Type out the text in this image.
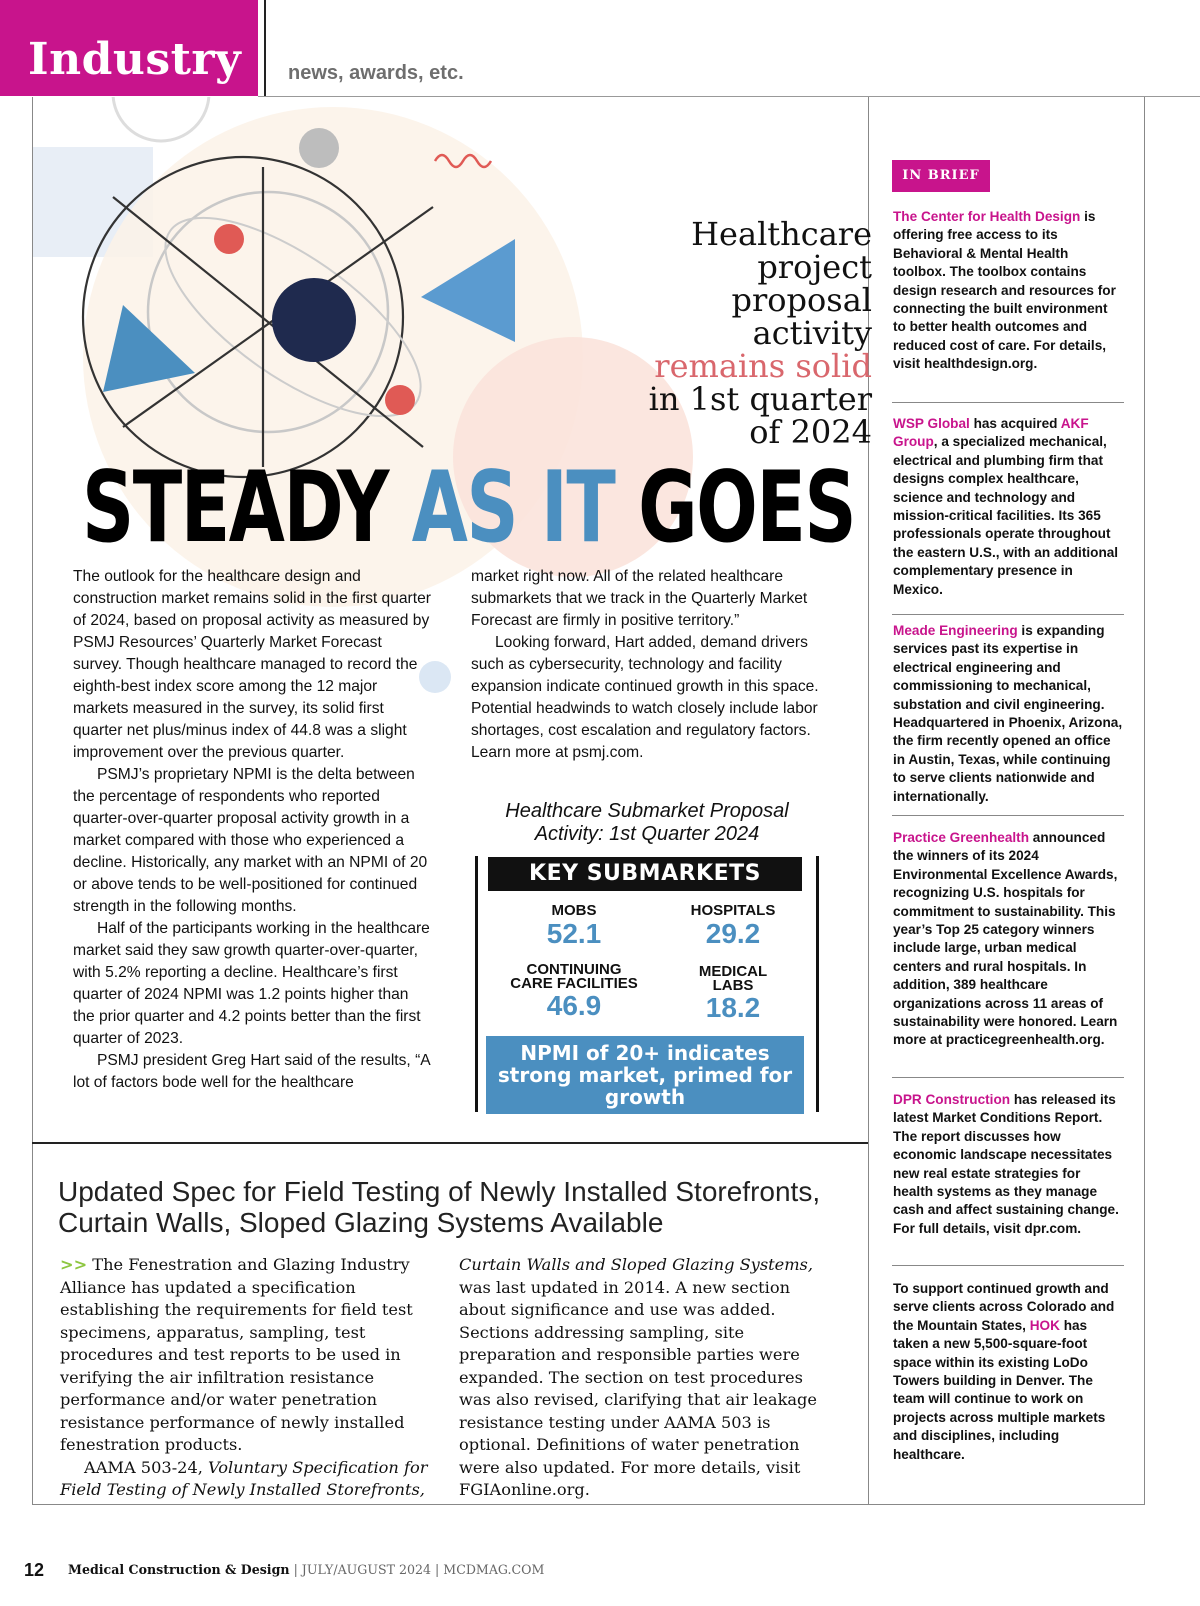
Industry news, awards, etc.
Healthcare
project
proposal
activity
remains solid
in 1st quarter
of 2024
STEADY AS IT GOES

The outlook for the healthcare design and construction market remains solid in the first quarter of 2024, based on proposal activity as measured by PSMJ Resources’ Quarterly Market Forecast survey. Though healthcare managed to record the eighth-best index score among the 12 major markets measured in the survey, its solid first quarter net plus/minus index of 44.8 was a slight improvement over the previous quarter.

PSMJ’s proprietary NPMI is the delta between the percentage of respondents who reported quarter-over-quarter proposal activity growth in a market compared with those who experienced a decline. Historically, any market with an NPMI of 20 or above tends to be well-positioned for continued strength in the following months.

Half of the participants working in the healthcare market said they saw growth quarter-over-quarter, with 5.2% reporting a decline. Healthcare’s first quarter of 2024 NPMI was 1.2 points higher than the prior quarter and 4.2 points better than the first quarter of 2023.

PSMJ president Greg Hart said of the results, “A lot of factors bode well for the healthcare

market right now. All of the related healthcare submarkets that we track in the Quarterly Market Forecast are firmly in positive territory.”

Looking forward, Hart added, demand drivers such as cybersecurity, technology and facility expansion indicate continued growth in this space. Potential headwinds to watch closely include labor shortages, cost escalation and regulatory factors. Learn more at psmj.com.

Healthcare Submarket Proposal Activity: 1st Quarter 2024
KEY SUBMARKETS
MOBS
52.1
HOSPITALS
29.2
CONTINUING
CARE FACILITIES
46.9
MEDICAL
LABS
18.2
NPMI of 20+ indicates strong market, primed for growth
Updated Spec for Field Testing of Newly Installed Storefronts, Curtain Walls, Sloped Glazing Systems Available

>> The Fenestration and Glazing Industry Alliance has updated a specification establishing the requirements for field test specimens, apparatus, sampling, test procedures and test reports to be used in verifying the air infiltration resistance performance and/or water penetration resistance performance of newly installed fenestration products.

AAMA 503-24, Voluntary Specification for Field Testing of Newly Installed Storefronts,

Curtain Walls and Sloped Glazing Systems, was last updated in 2014. A new section about significance and use was added. Sections addressing sampling, site preparation and responsible parties were expanded. The section on test procedures was also revised, clarifying that air leakage resistance testing under AAMA 503 is optional. Definitions of water penetration were also updated. For more details, visit FGIAonline.org.

IN BRIEF
The Center for Health Design is offering free access to its Behavioral & Mental Health toolbox. The toolbox contains design research and resources for connecting the built environment to better health outcomes and reduced cost of care. For details, visit healthdesign.org.
WSP Global has acquired AKF Group, a specialized mechanical, electrical and plumbing firm that designs complex healthcare, science and technology and mission-critical facilities. Its 365 professionals operate throughout the eastern U.S., with an additional complementary presence in Mexico.
Meade Engineering is expanding services past its expertise in electrical engineering and commissioning to mechanical, substation and civil engineering. Headquartered in Phoenix, Arizona, the firm recently opened an office in Austin, Texas, while continuing to serve clients nationwide and internationally.
Practice Greenhealth announced the winners of its 2024 Environmental Excellence Awards, recognizing U.S. hospitals for commitment to sustainability. This year’s Top 25 category winners include large, urban medical centers and rural hospitals. In addition, 389 healthcare organizations across 11 areas of sustainability were honored. Learn more at practicegreenhealth.org.
DPR Construction has released its latest Market Conditions Report. The report discusses how economic landscape necessitates new real estate strategies for health systems as they manage cash and affect sustaining change. For full details, visit dpr.com.
To support continued growth and serve clients across Colorado and the Mountain States, HOK has taken a new 5,500-square-foot space within its existing LoDo Towers building in Denver. The team will continue to work on projects across multiple markets and disciplines, including healthcare.
12 Medical Construction & Design | JULY/AUGUST 2024 | MCDMAG.COM
